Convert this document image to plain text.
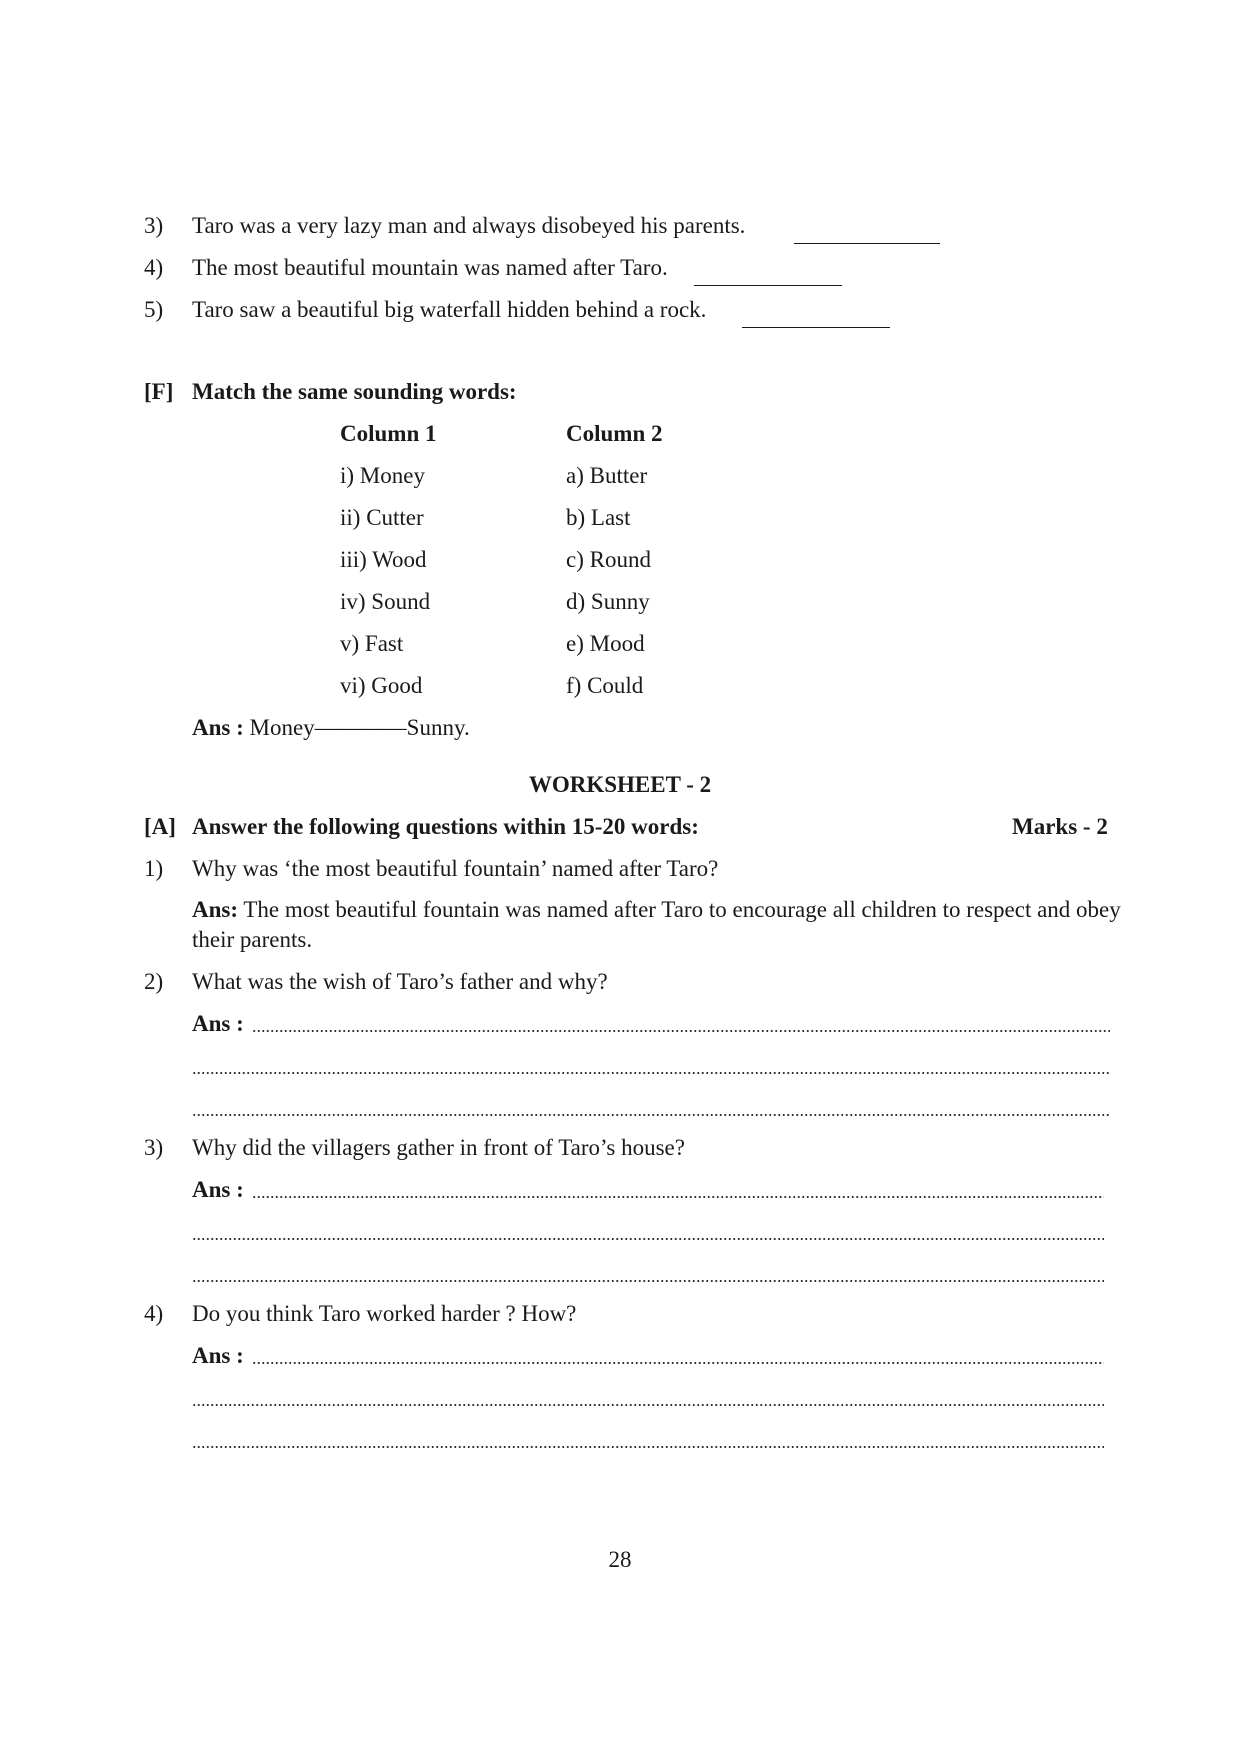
3) Taro was a very lazy man and always disobeyed his parents.
4) The most beautiful mountain was named after Taro.
5) Taro saw a beautiful big waterfall hidden behind a rock.
[F] Match the same sounding words:
Column 1	Column 2
i) Money	a) Butter
ii) Cutter	b) Last
iii) Wood	c) Round
iv) Sound	d) Sunny
v) Fast	e) Mood
vi) Good	f) Could
Ans : Money————Sunny.
WORKSHEET - 2
[A] Answer the following questions within 15-20 words:	Marks - 2
1) Why was ‘the most beautiful fountain’ named after Taro?
Ans: The most beautiful fountain was named after Taro to encourage all children to respect and obey
their parents.
2) What was the wish of Taro’s father and why?
Ans :
3) Why did the villagers gather in front of Taro’s house?
Ans :
4) Do you think Taro worked harder ? How?
Ans :
28
